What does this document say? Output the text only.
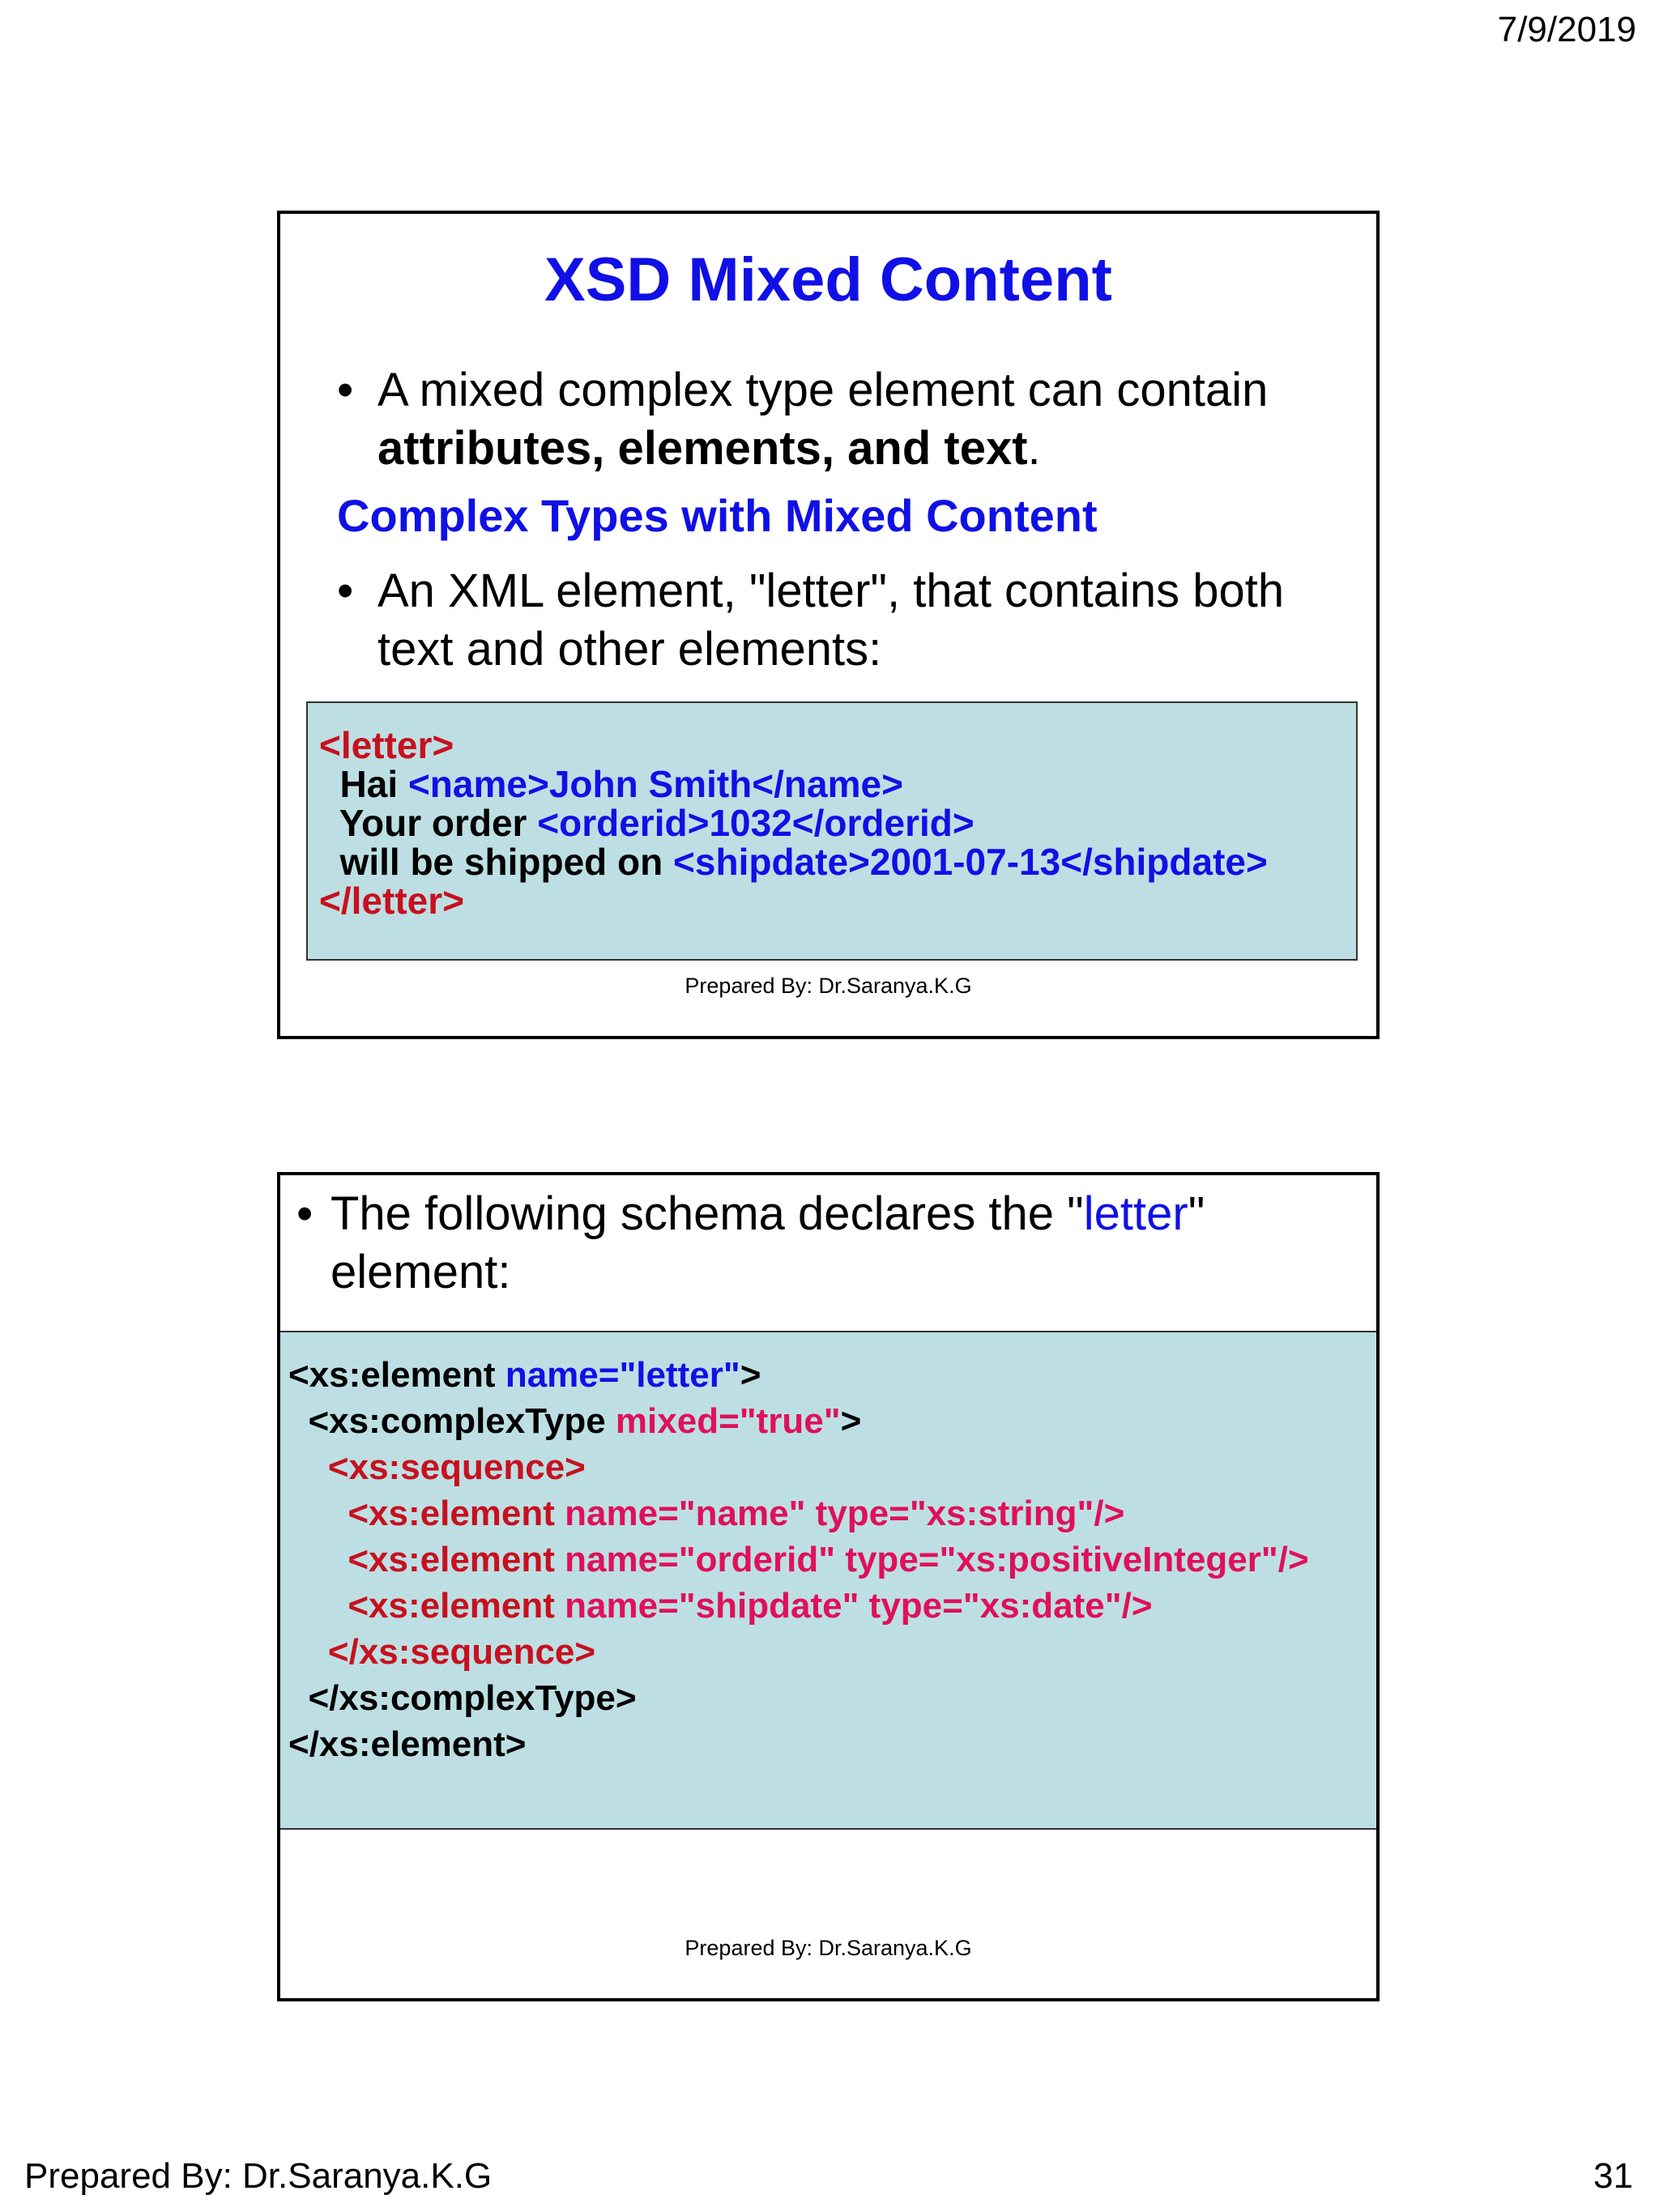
7/9/2019
XSD Mixed Content
• A mixed complex type element can contain attributes, elements, and text.
Complex Types with Mixed Content
• An XML element, "letter", that contains both text and other elements:
<letter>
Hai <name>John Smith</name>
Your order <orderid>1032</orderid>
will be shipped on <shipdate>2001-07-13</shipdate>
</letter>
Prepared By: Dr.Saranya.K.G
• The following schema declares the "letter" element:
<xs:element name="letter">
<xs:complexType mixed="true">
<xs:sequence>
<xs:element name="name" type="xs:string"/>
<xs:element name="orderid" type="xs:positiveInteger"/>
<xs:element name="shipdate" type="xs:date"/>
</xs:sequence>
</xs:complexType>
</xs:element>
Prepared By: Dr.Saranya.K.G
Prepared By: Dr.Saranya.K.G	31
